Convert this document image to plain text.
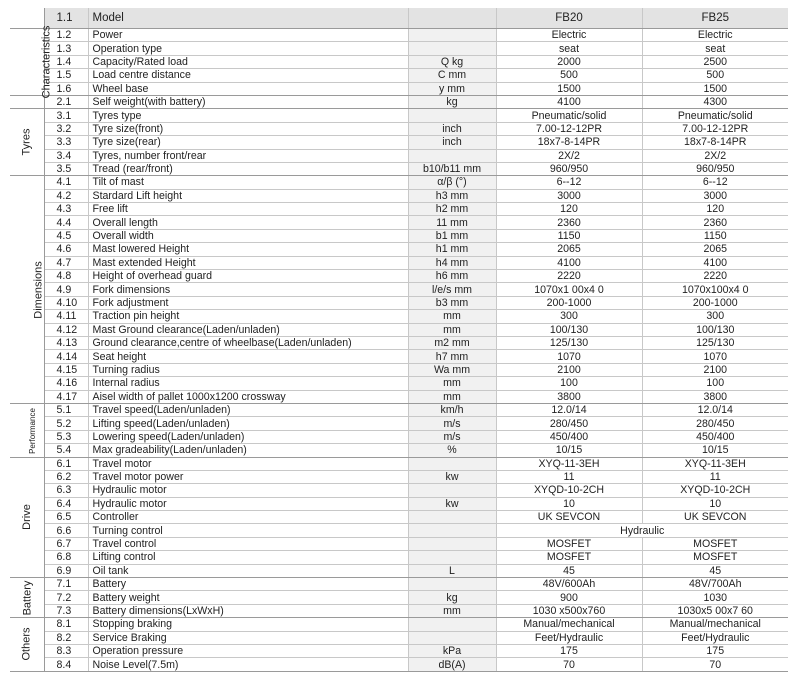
	1.1	Model		FB20	FB25
Characteristics	1.2	Power		Electric	Electric
	1.3	Operation type		seat	seat
	1.4	Capacity/Rated load	Q kg	2000	2500
	1.5	Load centre distance	C mm	500	500
	1.6	Wheel base	y mm	1500	1500
	2.1	Self weight(with battery)	kg	4100	4300
Tyres	3.1	Tyres type		Pneumatic/solid	Pneumatic/solid
	3.2	Tyre size(front)	inch	7.00-12-12PR	7.00-12-12PR
	3.3	Tyre size(rear)	inch	18x7-8-14PR	18x7-8-14PR
	3.4	Tyres, number front/rear		2X/2	2X/2
	3.5	Tread (rear/front)	b10/b11 mm	960/950	960/950
Dimensions	4.1	Tilt of mast	α/β (°)	6--12	6--12
	4.2	Stardard Lift height	h3 mm	3000	3000
	4.3	Free lift	h2 mm	120	120
	4.4	Overall length	11 mm	2360	2360
	4.5	Overall width	b1 mm	1150	1150
	4.6	Mast lowered Height	h1 mm	2065	2065
	4.7	Mast extended Height	h4 mm	4100	4100
	4.8	Height of overhead guard	h6 mm	2220	2220
	4.9	Fork dimensions	l/e/s mm	1070x1 00x4 0	1070x100x4 0
	4.10	Fork adjustment	b3 mm	200-1000	200-1000
	4.11	Traction pin height	mm	300	300
	4.12	Mast Ground clearance(Laden/unladen)	mm	100/130	100/130
	4.13	Ground clearance,centre of wheelbase(Laden/unladen)	m2 mm	125/130	125/130
	4.14	Seat height	h7 mm	1070	1070
	4.15	Turning radius	Wa mm	2100	2100
	4.16	Internal radius	mm	100	100
	4.17	Aisel width of pallet 1000x1200 crossway	mm	3800	3800
Performance	5.1	Travel speed(Laden/unladen)	km/h	12.0/14	12.0/14
	5.2	Lifting speed(Laden/unladen)	m/s	280/450	280/450
	5.3	Lowering speed(Laden/unladen)	m/s	450/400	450/400
	5.4	Max gradeability(Laden/unladen)	%	10/15	10/15
Drive	6.1	Travel motor		XYQ-11-3EH	XYQ-11-3EH
	6.2	Travel motor power	kw	11	11
	6.3	Hydraulic motor		XYQD-10-2CH	XYQD-10-2CH
	6.4	Hydraulic motor	kw	10	10
	6.5	Controller		UK SEVCON	UK SEVCON
	6.6	Turning control		Hydraulic	
	6.7	Travel control		MOSFET	MOSFET
	6.8	Lifting control		MOSFET	MOSFET
	6.9	Oil tank	L	45	45
Battery	7.1	Battery		48V/600Ah	48V/700Ah
	7.2	Battery weight	kg	900	1030
	7.3	Battery dimensions(LxWxH)	mm	1030 x500x760	1030x5 00x7 60
Others	8.1	Stopping braking		Manual/mechanical	Manual/mechanical
	8.2	Service Braking		Feet/Hydraulic	Feet/Hydraulic
	8.3	Operation pressure	kPa	175	175
	8.4	Noise Level(7.5m)	dB(A)	70	70
